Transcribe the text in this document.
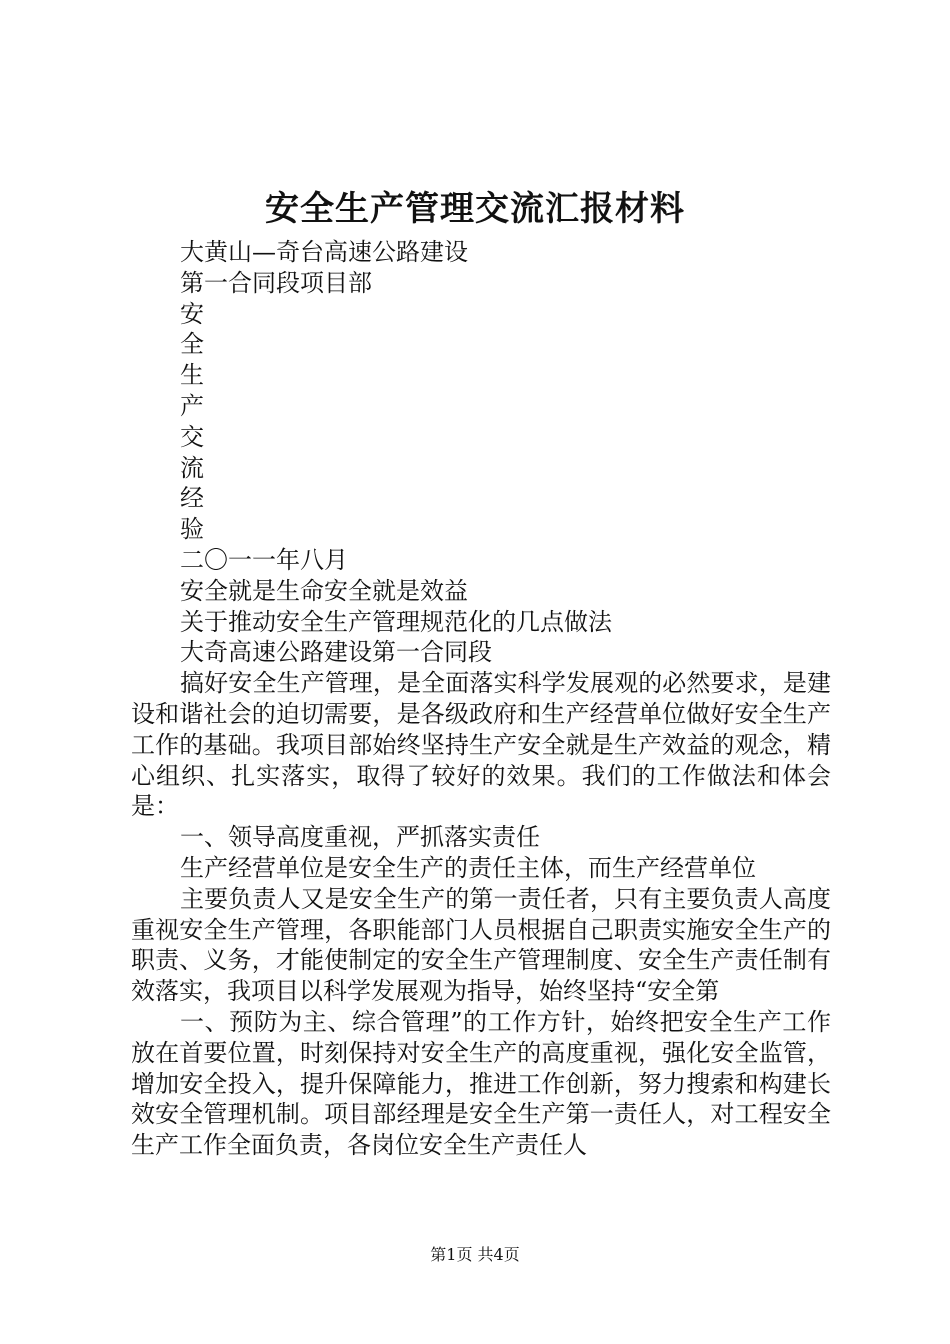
安全生产管理交流汇报材料
大黄山—奇台高速公路建设
第一合同段项目部
安
全
生
产
交
流
经
验
二〇一一年八月
安全就是生命安全就是效益
关于推动安全生产管理规范化的几点做法
大奇高速公路建设第一合同段
搞好安全生产管理，是全面落实科学发展观的必然要求，是建设和谐社会的迫切需要，是各级政府和生产经营单位做好安全生产工作的基础。我项目部始终坚持生产安全就是生产效益的观念，精心组织、扎实落实，取得了较好的效果。我们的工作做法和体会是：
一、领导高度重视，严抓落实责任
生产经营单位是安全生产的责任主体，而生产经营单位
主要负责人又是安全生产的第一责任者，只有主要负责人高度重视安全生产管理，各职能部门人员根据自己职责实施安全生产的职责、义务，才能使制定的安全生产管理制度、安全生产责任制有效落实，我项目以科学发展观为指导，始终坚持“安全第
一、预防为主、综合管理”的工作方针，始终把安全生产工作放在首要位置，时刻保持对安全生产的高度重视，强化安全监管，增加安全投入，提升保障能力，推进工作创新，努力搜索和构建长效安全管理机制。项目部经理是安全生产第一责任人，对工程安全生产工作全面负责，各岗位安全生产责任人
第1页 共4页
